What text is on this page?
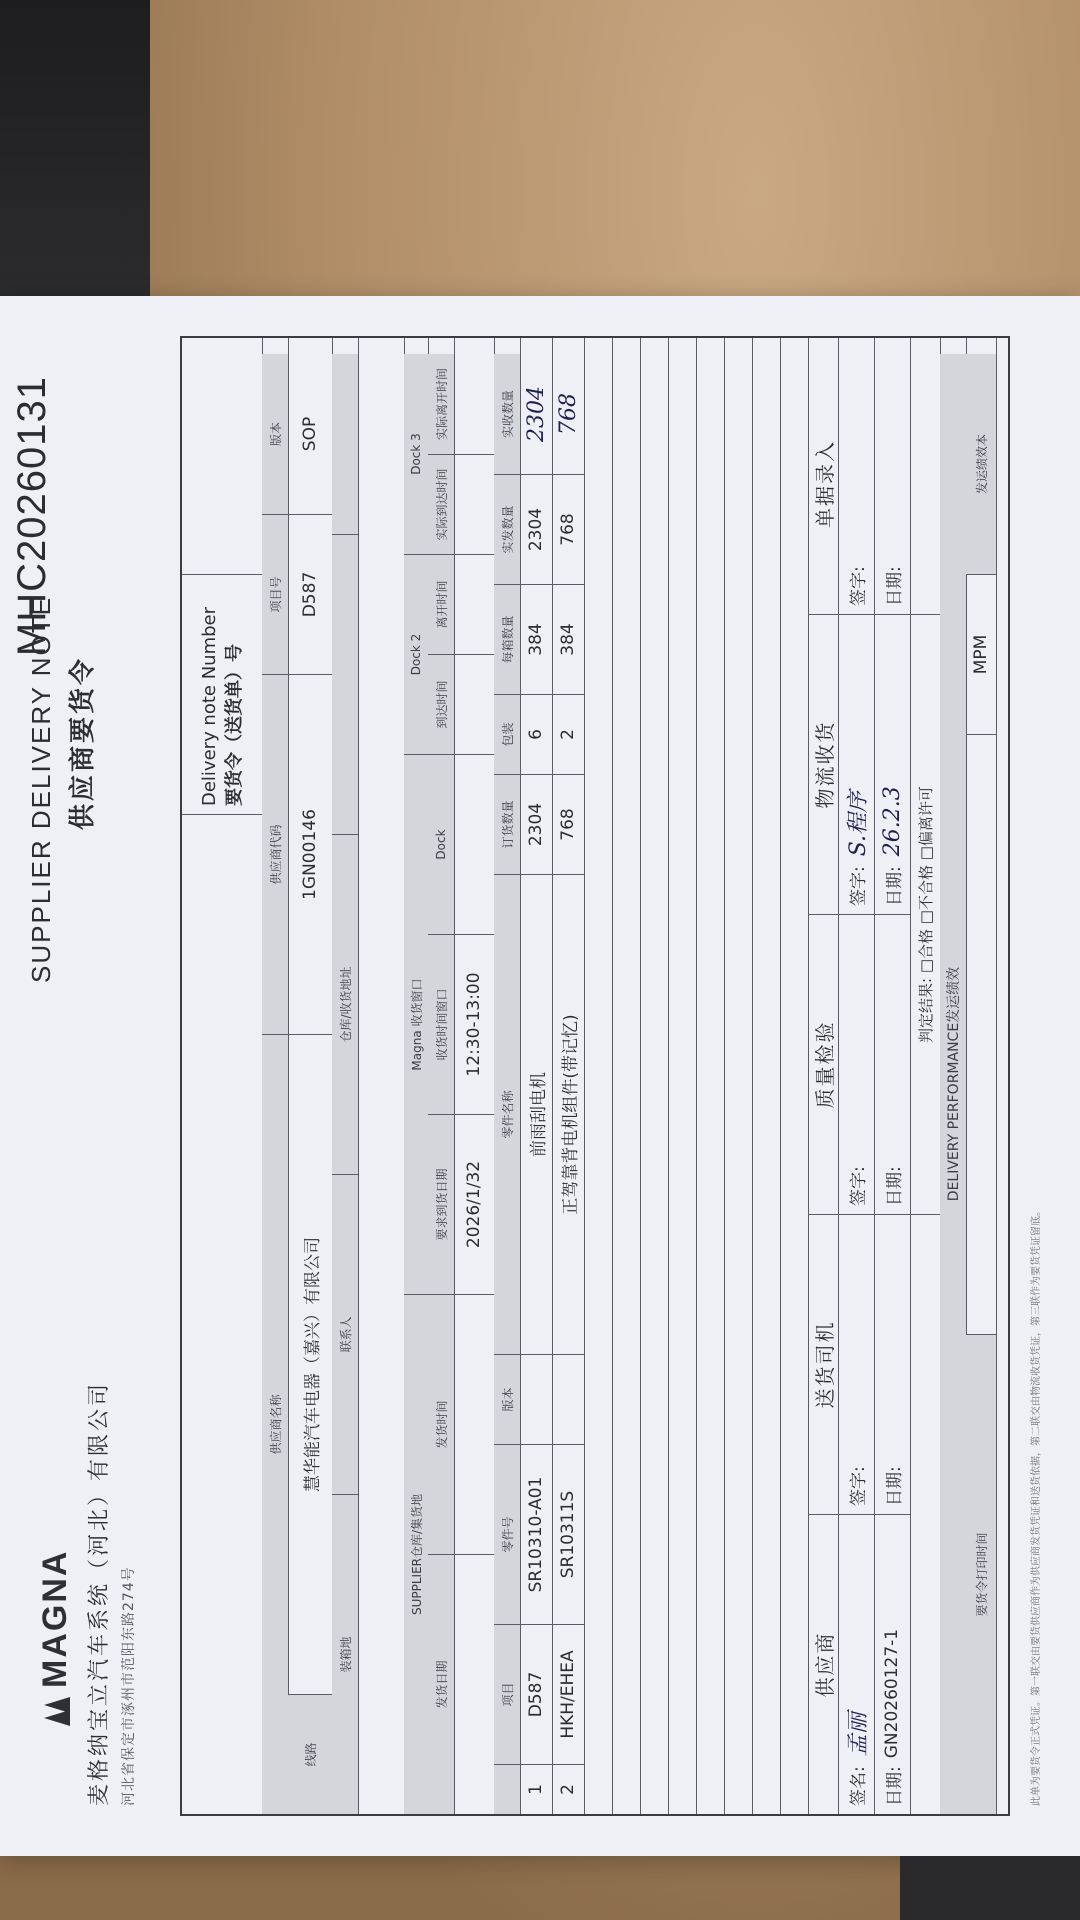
MAGNA 麦格纳宝立汽车系统（河北）有限公司 河北省保定市涿州市范阳东路274号
SUPPLIER DELIVERY NOTE 供应商要货令
MHC20260131
Delivery note Number 要货令（送货单）号
供应商名称
供应商代码
项目号
版本
线路
慧华能汽车电器（嘉兴）有限公司
1GN00146
D587
SOP
装箱地
联系人
仓库/收货地址
SUPPLIER仓库/集货地
Magna 收货窗口
Dock 2
Dock 3
发货日期
发货时间
要求到货日期
收货时间窗口
Dock
到达时间
离开时间
实际到达时间
实际离开时间
2026/1/32
12:30-13:00
项目
零件号
版本
零件名称
订货数量
包装
每箱数量
实发数量
实收数量
1
D587
SR10310-A01
前雨刮电机
2304
6
384
2304
2304
2
HKH/EHEA
SR10311S
正驾靠背电机组件(带记忆)
768
2
384
768
768
供应商
送货司机
质量检验
物流收货
单据录入
签名:
孟丽
签字:
签字:
签字:
S.程序
签字:
日期:
GN20260127-1
日期:
日期:
日期:
26.2.3
日期:
判定结果: □合格 □不合格 □偏离许可
DELIVERY PERFORMANCE发运绩效
要货令打印时间
MPM
发运绩效本
此单为要货令正式凭证。第一联交由要货供应商作为供应商发货凭证和送货依据，第二联交由物流收货凭证，第三联作为要货凭证留底。
